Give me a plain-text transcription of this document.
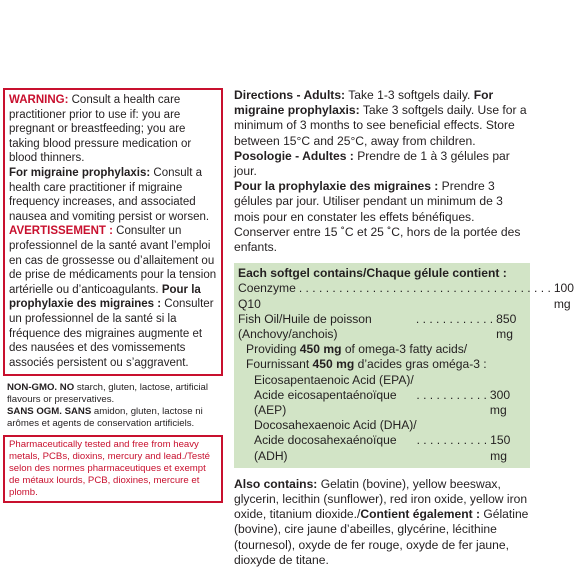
WARNING: Consult a health care practitioner prior to use if: you are pregnant or breastfeeding; you are taking blood pressure medication or blood thinners.
For migraine prophylaxis: Consult a health care practitioner if migraine frequency increases, and associated nausea and vomiting persist or worsen.
AVERTISSEMENT : Consulter un professionnel de la santé avant l’emploi en cas de grossesse ou d’allaitement ou de prise de médicaments pour la tension artérielle ou d’anticoagulants. Pour la prophylaxie des migraines : Consulter un professionnel de la santé si la fréquence des migraines augmente et des nausées et des vomissements associés persistent ou s’aggravent.
NON-GMO. NO starch, gluten, lactose, artificial flavours or preservatives.
SANS OGM. SANS amidon, gluten, lactose ni arômes et agents de conservation artificiels.
Pharmaceutically tested and free from heavy metals, PCBs, dioxins, mercury and lead./Testé selon des normes pharmaceutiques et exempt de métaux lourds, PCB, dioxines, mercure et plomb.
Directions - Adults: Take 1-3 softgels daily. For migraine prophylaxis: Take 3 softgels daily. Use for a minimum of 3 months to see beneficial effects. Store between 15°C and 25°C, away from children.
Posologie - Adultes : Prendre de 1 à 3 gélules par jour.
Pour la prophylaxie des migraines : Prendre 3 gélules par jour. Utiliser pendant un minimum de 3 mois pour en constater les effets bénéfiques. Conserver entre 15 ˚C et 25 ˚C, hors de la portée des enfants.
Each softgel contains/Chaque gélule contient :
Coenzyme Q10
. . . . . . . . . . . . . . . . . . . . . . . . . . . . . . . . . . . . . . 100 mg
Fish Oil/Huile de poisson (Anchovy/anchois)
. . . . . . . . . . . . 850 mg
Providing 450 mg of omega-3 fatty acids/
Fournissant 450 mg d’acides gras oméga-3 :
Eicosapentaenoic Acid (EPA)/
Acide eicosapentaénoïque (AEP)
. . . . . . . . . . . 300 mg
Docosahexaenoic Acid (DHA)/
Acide docosahexaénoïque (ADH)
. . . . . . . . . . . 150 mg
Also contains: Gelatin (bovine), yellow beeswax, glycerin, lecithin (sunflower), red iron oxide, yellow iron oxide, titanium dioxide./Contient également : Gélatine (bovine), cire jaune d’abeilles, glycérine, lécithine (tournesol), oxyde de fer rouge, oxyde de fer jaune, dioxyde de titane.
